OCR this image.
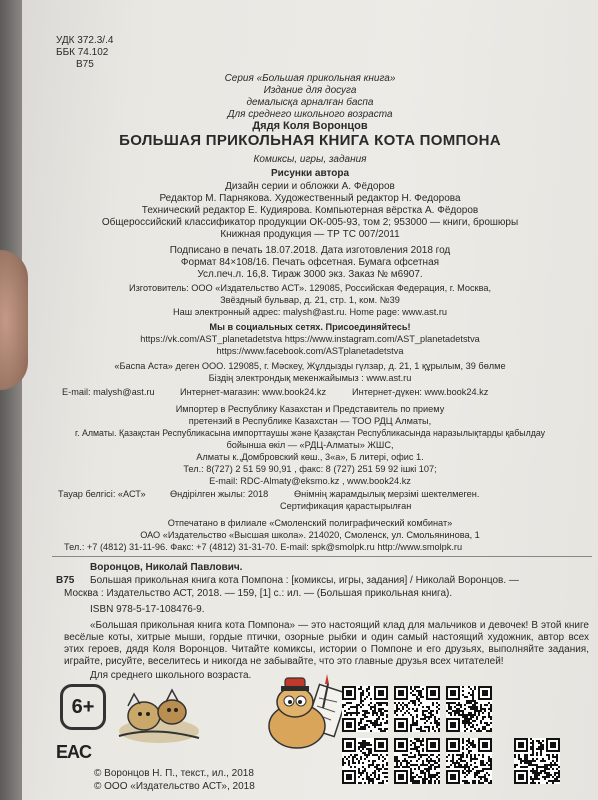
УДК 372.3/.4
ББК 74.102
В75
Серия «Большая прикольная книга»
Издание для досуга
демалысқа арналған баспа
Для среднего школьного возраста
Дядя Коля Воронцов
БОЛЬШАЯ ПРИКОЛЬНАЯ КНИГА КОТА ПОМПОНА
Комиксы, игры, задания
Рисунки автора
Дизайн серии и обложки А. Фёдоров
Редактор М. Парнякова. Художественный редактор Н. Федорова
Технический редактор Е. Кудиярова. Компьютерная вёрстка А. Фёдоров
Общероссийский классификатор продукции ОК-005-93, том 2; 953000 — книги, брошюры
Книжная продукция — ТР ТС 007/2011
Подписано в печать 18.07.2018. Дата изготовления 2018 год
Формат 84×108/16. Печать офсетная. Бумага офсетная
Усл.печ.л. 16,8. Тираж 3000 экз. Заказ № м6907.
Изготовитель: ООО «Издательство АСТ». 129085, Российская Федерация, г. Москва,
Звёздный бульвар, д. 21, стр. 1, ком. №39
Наш электронный адрес: malysh@ast.ru. Home page: www.ast.ru
Мы в социальных сетях. Присоединяйтесь!
https://vk.com/AST_planetadetstva https://www.instagram.com/AST_planetadetstva
https://www.facebook.com/ASTplanetadetstva
«Баспа Аста» деген ООО. 129085, г. Мәскеу, Жұлдызды гүлзар, д. 21, 1 құрылым, 39 бөлме
Біздің электрондық мекенжайымыз : www.ast.ru
E-mail: malysh@ast.ru	Интернет-магазин: www.book24.kz	Интернет-дүкен: www.book24.kz
Импортер в Республику Казахстан и Представитель по приему
претензий в Республике Казахстан — ТОО РДЦ Алматы,
г. Алматы. Қазақстан Республикасына импорттаушы және Қазақстан Республикасында наразылықтарды қабылдау
бойынша өкіл — «РДЦ-Алматы» ЖШС,
Алматы к.,Домбровский көш., 3«а», Б литері, офис 1.
Тел.: 8(727) 2 51 59 90,91 , факс: 8 (727) 251 59 92 ішкі 107;
E-mail: RDC-Almaty@eksmo.kz , www.book24.kz
Тауар белгісі: «АСТ»	Өндірілген жылы: 2018	Өнімнің жарамдылық мерзімі шектелмеген.
Сертификация қарастырылған
Отпечатано в филиале «Смоленский полиграфический комбинат»
ОАО «Издательство «Высшая школа». 214020, Смоленск, ул. Смольянинова, 1
Тел.: +7 (4812) 31-11-96. Факс: +7 (4812) 31-31-70. E-mail: spk@smolpk.ru http://www.smolpk.ru
Воронцов, Николай Павлович.
В75 Большая прикольная книга кота Помпона : [комиксы, игры, задания] / Николай Воронцов. —
Москва : Издательство АСТ, 2018. — 159, [1] с.: ил. — (Большая прикольная книга).
ISBN 978-5-17-108476-9.
«Большая прикольная книга кота Помпона» — это настоящий клад для мальчиков и девочек! В этой книге весёлые коты, хитрые мыши, гордые птички, озорные рыбки и один самый настоящий художник, автор всех этих героев, дядя Коля Воронцов. Читайте комиксы, истории о Помпоне и его друзьях, выполняйте задания, играйте, рисуйте, веселитесь и никогда не забывайте, что это главные друзья всех читателей!
Для среднего школьного возраста.
6+
EAC
© Воронцов Н. П., текст., ил., 2018
© ООО «Издательство АСТ», 2018
